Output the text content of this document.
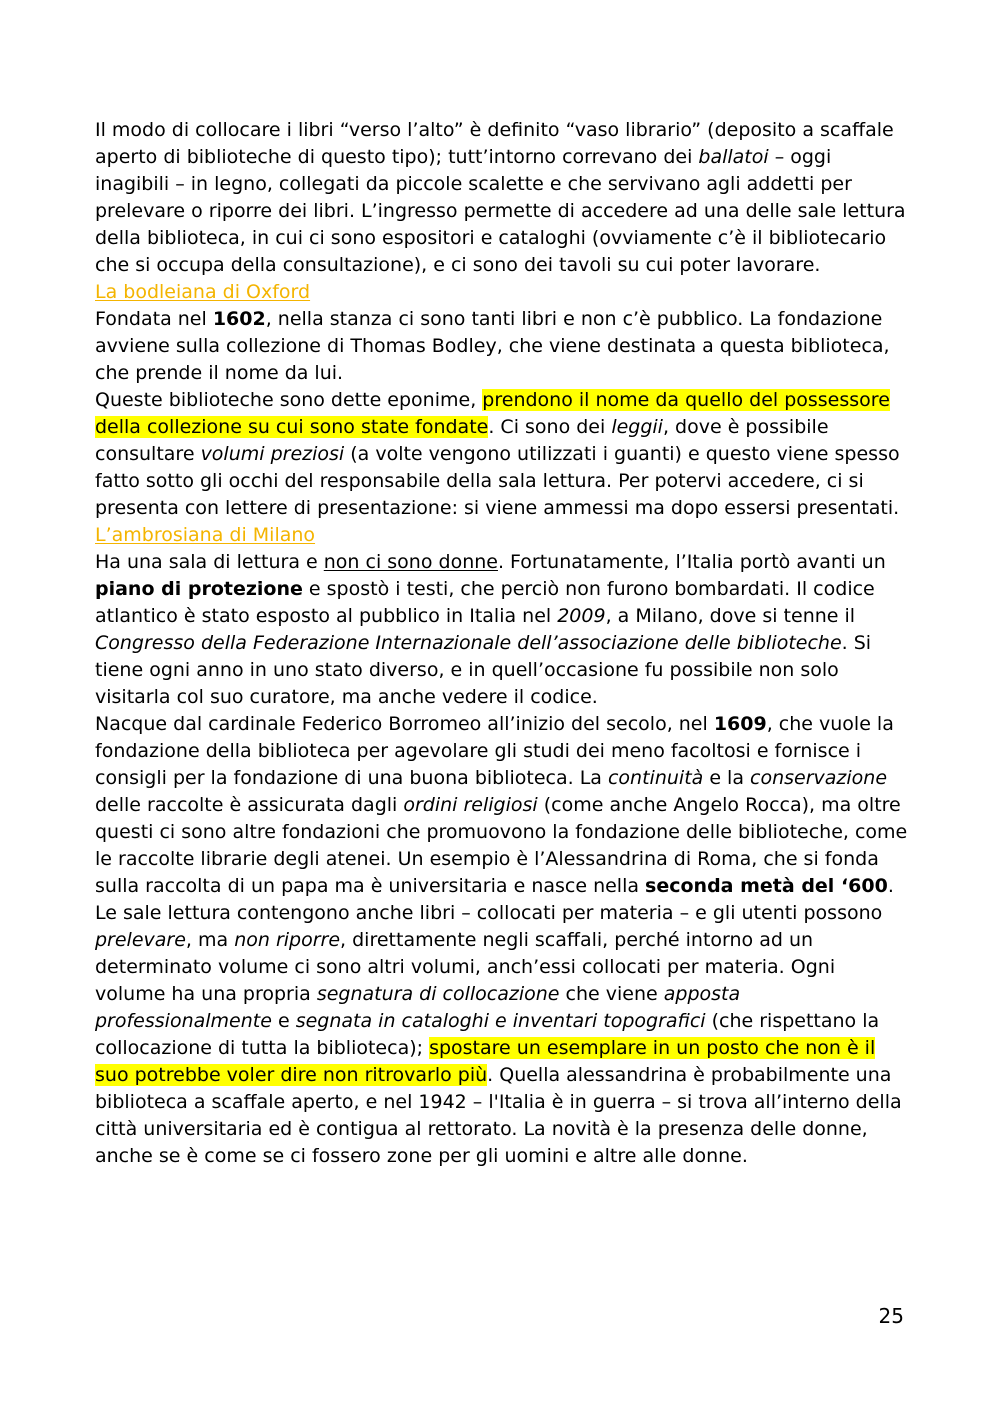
Il modo di collocare i libri “verso l’alto” è definito “vaso librario” (deposito a scaffale aperto di biblioteche di questo tipo); tutt’intorno correvano dei ballatoi – oggi inagibili – in legno, collegati da piccole scalette e che servivano agli addetti per prelevare o riporre dei libri. L’ingresso permette di accedere ad una delle sale lettura della biblioteca, in cui ci sono espositori e cataloghi (ovviamente c’è il bibliotecario che si occupa della consultazione), e ci sono dei tavoli su cui poter lavorare.

La bodleiana di Oxford

Fondata nel 1602, nella stanza ci sono tanti libri e non c’è pubblico. La fondazione avviene sulla collezione di Thomas Bodley, che viene destinata a questa biblioteca, che prende il nome da lui.

Queste biblioteche sono dette eponime, prendono il nome da quello del possessore della collezione su cui sono state fondate. Ci sono dei leggii, dove è possibile consultare volumi preziosi (a volte vengono utilizzati i guanti) e questo viene spesso fatto sotto gli occhi del responsabile della sala lettura. Per potervi accedere, ci si presenta con lettere di presentazione: si viene ammessi ma dopo essersi presentati.

L’ambrosiana di Milano

Ha una sala di lettura e non ci sono donne. Fortunatamente, l’Italia portò avanti un piano di protezione e spostò i testi, che perciò non furono bombardati. Il codice atlantico è stato esposto al pubblico in Italia nel 2009, a Milano, dove si tenne il Congresso della Federazione Internazionale dell’associazione delle biblioteche. Si tiene ogni anno in uno stato diverso, e in quell’occasione fu possibile non solo visitarla col suo curatore, ma anche vedere il codice.

Nacque dal cardinale Federico Borromeo all’inizio del secolo, nel 1609, che vuole la fondazione della biblioteca per agevolare gli studi dei meno facoltosi e fornisce i consigli per la fondazione di una buona biblioteca. La continuità e la conservazione delle raccolte è assicurata dagli ordini religiosi (come anche Angelo Rocca), ma oltre questi ci sono altre fondazioni che promuovono la fondazione delle biblioteche, come le raccolte librarie degli atenei. Un esempio è l’Alessandrina di Roma, che si fonda sulla raccolta di un papa ma è universitaria e nasce nella seconda metà del ‘600.

Le sale lettura contengono anche libri – collocati per materia – e gli utenti possono prelevare, ma non riporre, direttamente negli scaffali, perché intorno ad un determinato volume ci sono altri volumi, anch’essi collocati per materia. Ogni volume ha una propria segnatura di collocazione che viene apposta professionalmente e segnata in cataloghi e inventari topografici (che rispettano la collocazione di tutta la biblioteca); spostare un esemplare in un posto che non è il suo potrebbe voler dire non ritrovarlo più. Quella alessandrina è probabilmente una biblioteca a scaffale aperto, e nel 1942 – l'Italia è in guerra – si trova all’interno della città universitaria ed è contigua al rettorato. La novità è la presenza delle donne, anche se è come se ci fossero zone per gli uomini e altre alle donne.

25
